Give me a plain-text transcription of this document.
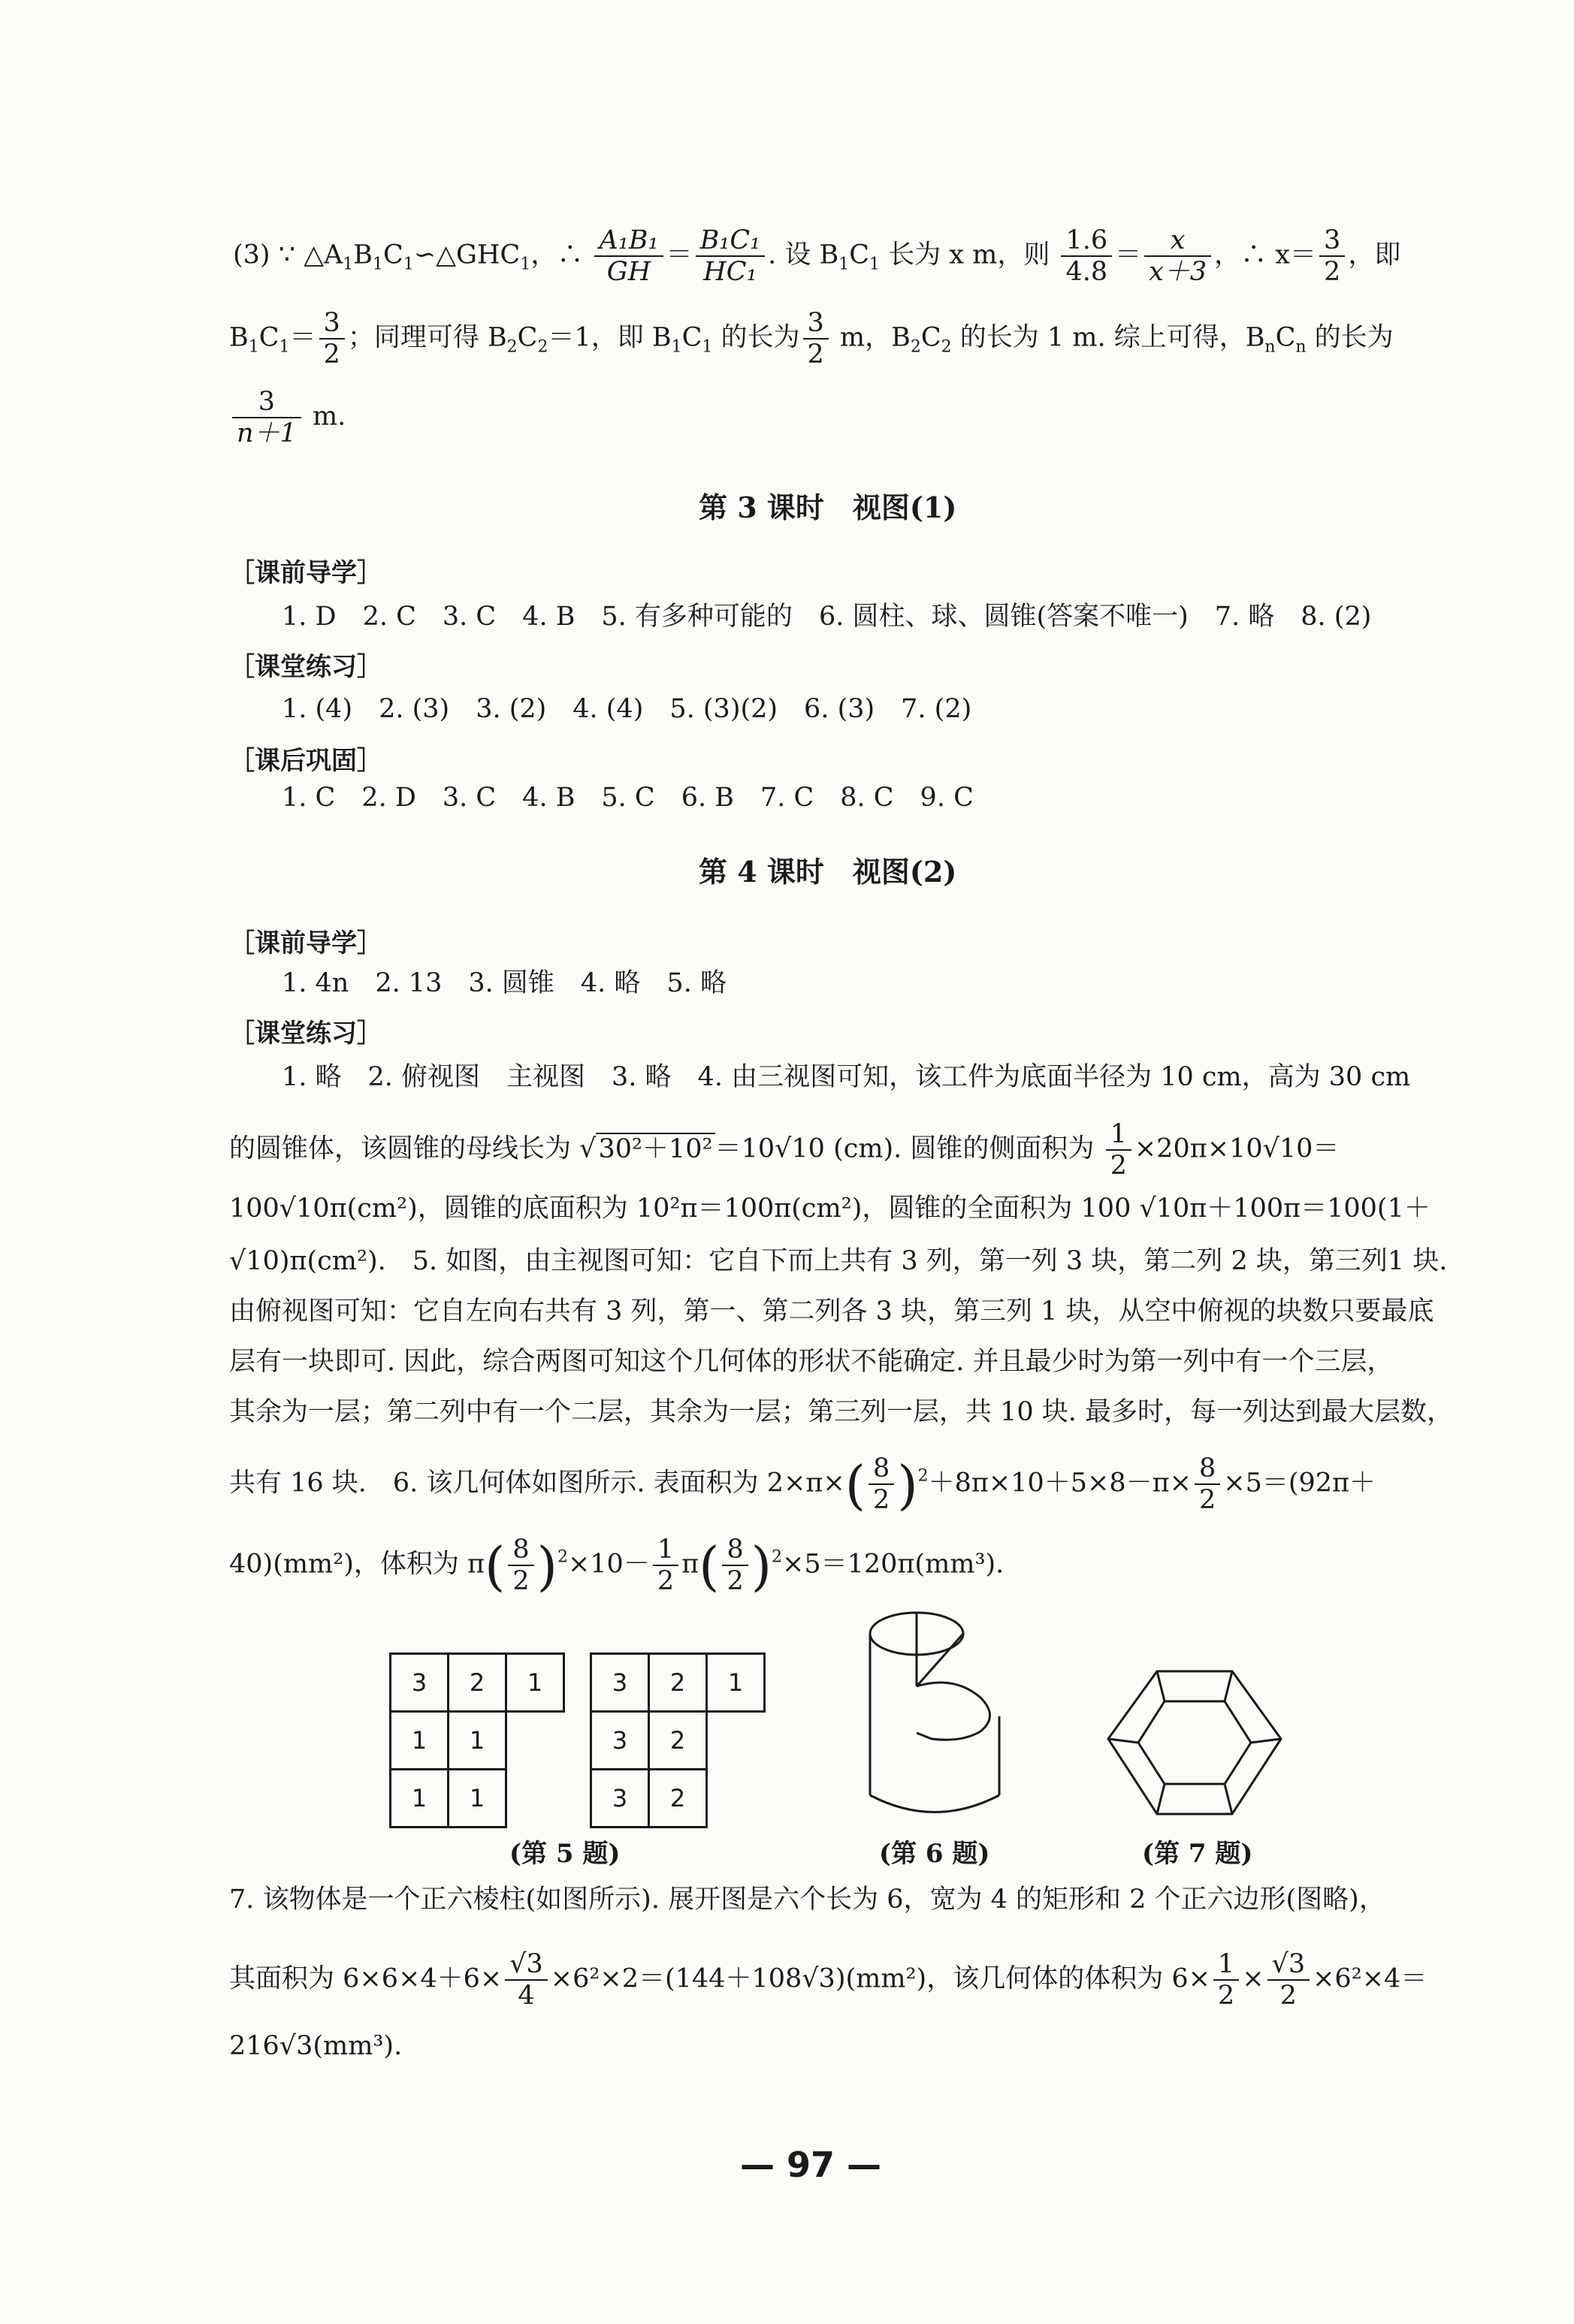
(3) ∵ $\triangle A_1B_1C_1∽\triangle GHC_1$，∴ $\frac{\text{A₁B₁}}{GH} = \frac{\text{B₁C₁}}{\text{HC₁}}$ . 设 $B_1C_1$ 长为 x m，则 $\frac{1.6}{4.8} = \frac{x}{x+3}$ ，∴ $x= \frac{3}{2}$ ，即
$B_1C_1= \frac{3}{2}$ ；同理可得 $B_2C_2=1$，即 $B_1C_1$ 的长为 $\frac{3}{2}$ m，$B_2C_2$ 的长为 1 m. 综上可得，$B_nC_n$ 的长为
$\frac{3}{n+1} m$.
第 3 课时　视图(1)
［课前导学］
1. D　2. C　3. C　4. B　5. 有多种可能的　6. 圆柱、球、圆锥(答案不唯一)　7. 略　8. (2)
［课堂练习］
1. (4)　2. (3)　3. (2)　4. (4)　5. (3)(2)　6. (3)　7. (2)
［课后巩固］
1. C　2. D　3. C　4. B　5. C　6. B　7. C　8. C　9. C
第 4 课时　视图(2)
［课前导学］
1. 4n　2. 13　3. 圆锥　4. 略　5. 略
［课堂练习］
1. 略　2. 俯视图　主视图　3. 略　4. 由三视图可知，该工件为底面半径为 10 cm，高为 30 cm
的圆锥体，该圆锥的母线长为 √30²＋10²＝10√10 (cm). 圆锥的侧面积为 $\frac{1}{2} \times 20\pi\times 10√10=$
100√10π(cm²)，圆锥的底面积为 10²π＝100π(cm²)，圆锥的全面积为 100 √10π＋100π＝100(1＋
√10)π(cm²).　5. 如图，由主视图可知：它自下而上共有 3 列，第一列 3 块，第二列 2 块，第三列1 块.
由俯视图可知：它自左向右共有 3 列，第一、第二列各 3 块，第三列 1 块，从空中俯视的块数只要最底
层有一块即可. 因此，综合两图可知这个几何体的形状不能确定. 并且最少时为第一列中有一个三层，
其余为一层；第二列中有一个二层，其余为一层；第三列一层，共 10 块. 最多时，每一列达到最大层数，
共有 16 块.　6. 该几何体如图所示. 表面积为 $2\times\pi\times( \frac{8}{2} )^2+8\pi\times 10+5\times 8-\pi\times \frac{8}{2} \times 5=(92\pi+$
40)(mm²)，体积为 $\pi( \frac{8}{2} )^2\times 10- \frac{1}{2} \pi( \frac{8}{2} )^2\times 5=120\pi(mm^3)$.
3	2	1
1	1	
1	1	
3	2	1
3	2	
3	2	
(第 5 题)	(第 6 题)	(第 7 题)
7. 该物体是一个正六棱柱(如图所示). 展开图是六个长为 6，宽为 4 的矩形和 2 个正六边形(图略)，
其面积为 $6\times 6\times 4+6\times \frac{√3}{4} \times 6^2\times 2=(144+108√3)(mm^2)$，该几何体的体积为 $6\times \frac{1}{2} \times \frac{√3}{2} \times 6^2\times 4=$
216√3(mm³).
— 97 —
